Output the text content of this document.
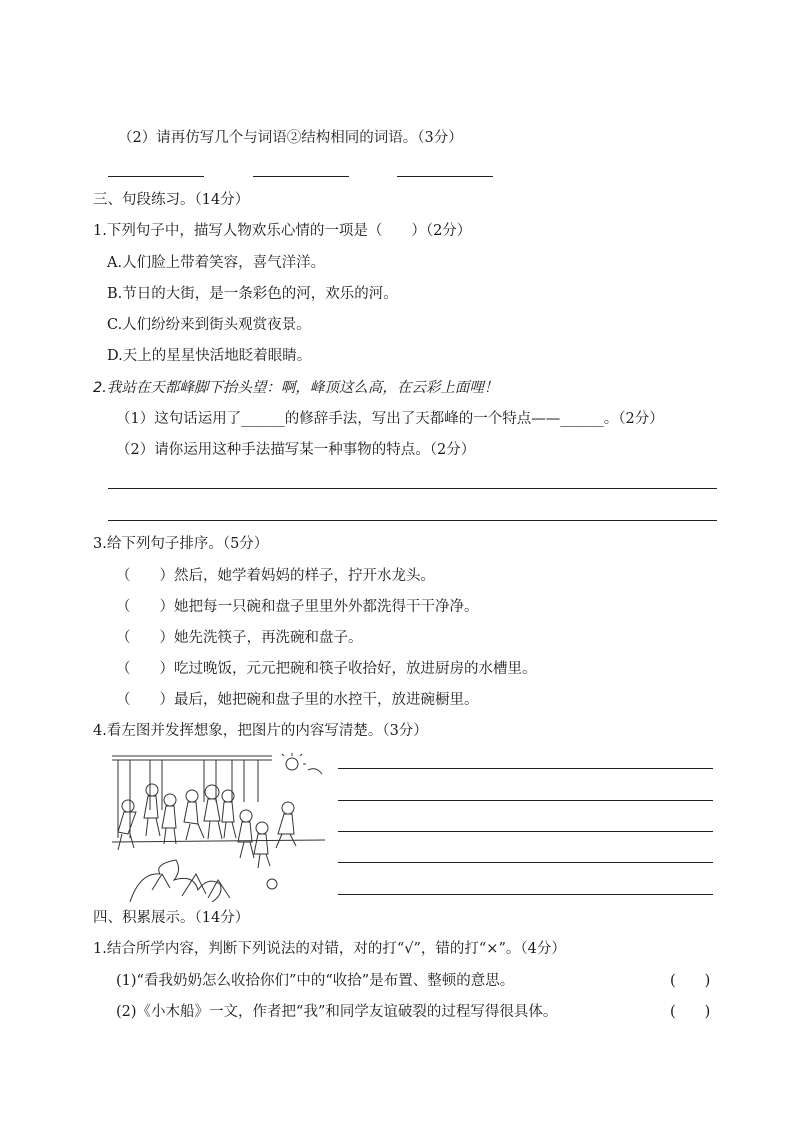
（2）请再仿写几个与词语②结构相同的词语。（3分）
三、句段练习。（14分）
1.下列句子中，描写人物欢乐心情的一项是（　　）（2分）
A.人们脸上带着笑容，喜气洋洋。
B.节日的大街，是一条彩色的河，欢乐的河。
C.人们纷纷来到街头观赏夜景。
D.天上的星星快活地眨着眼睛。
2.我站在天都峰脚下抬头望：啊，峰顶这么高，在云彩上面哩！
（1）这句话运用了______的修辞手法，写出了天都峰的一个特点——______。（2分）
（2）请你运用这种手法描写某一种事物的特点。（2分）
3.给下列句子排序。（5分）
（　　）然后，她学着妈妈的样子，拧开水龙头。
（　　）她把每一只碗和盘子里里外外都洗得干干净净。
（　　）她先洗筷子，再洗碗和盘子。
（　　）吃过晚饭，元元把碗和筷子收拾好，放进厨房的水槽里。
（　　）最后，她把碗和盘子里的水控干，放进碗橱里。
4.看左图并发挥想象，把图片的内容写清楚。（3分）
四、积累展示。（14分）
1.结合所学内容，判断下列说法的对错，对的打“√”，错的打“×”。（4分）
(1)“看我奶奶怎么收拾你们”中的“收拾”是布置、整顿的意思。	(　　)
(2)《小木船》一文，作者把“我”和同学友谊破裂的过程写得很具体。	(　　)
